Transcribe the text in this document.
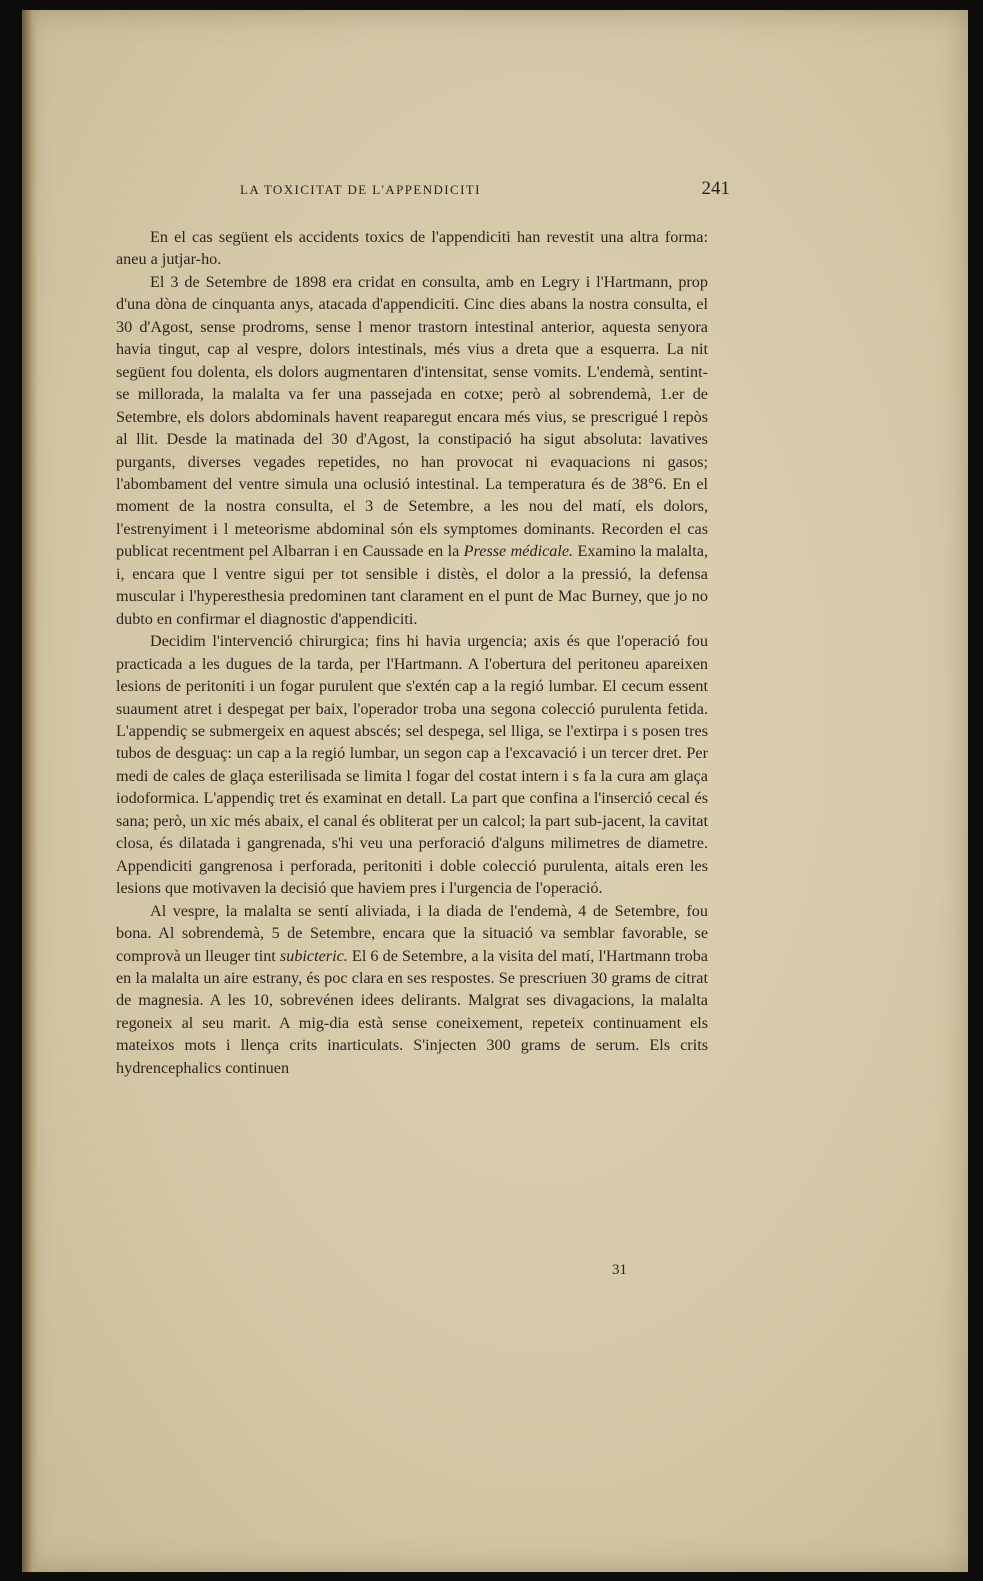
LA TOXICITAT DE L'APPENDICITI	241

En el cas següent els accidents toxics de l'appendiciti han revestit una altra forma: aneu a jutjar-ho.

El 3 de Setembre de 1898 era cridat en consulta, amb en Legry i l'Hartmann, prop d'una dòna de cinquanta anys, atacada d'appendiciti. Cinc dies abans la nostra consulta, el 30 d'Agost, sense prodroms, sense l menor trastorn intestinal anterior, aquesta senyora havia tingut, cap al vespre, dolors intestinals, més vius a dreta que a esquerra. La nit següent fou dolenta, els dolors augmentaren d'intensitat, sense vomits. L'endemà, sentint-se millorada, la malalta va fer una passejada en cotxe; però al sobrendemà, 1.er de Setembre, els dolors abdominals havent reaparegut encara més vius, se prescrigué l repòs al llit. Desde la matinada del 30 d'Agost, la constipació ha sigut absoluta: lavatives purgants, diverses vegades repetides, no han provocat ni evaquacions ni gasos; l'abombament del ventre simula una oclusió intestinal. La temperatura és de 38°6. En el moment de la nostra consulta, el 3 de Setembre, a les nou del matí, els dolors, l'estrenyiment i l meteorisme abdominal són els symptomes dominants. Recorden el cas publicat recentment pel Albarran i en Caussade en la Presse médicale. Examino la malalta, i, encara que l ventre sigui per tot sensible i distès, el dolor a la pressió, la defensa muscular i l'hyperesthesia predominen tant clarament en el punt de Mac Burney, que jo no dubto en confirmar el diagnostic d'appendiciti.

Decidim l'intervenció chirurgica; fins hi havia urgencia; axis és que l'operació fou practicada a les dugues de la tarda, per l'Hartmann. A l'obertura del peritoneu apareixen lesions de peritoniti i un fogar purulent que s'extén cap a la regió lumbar. El cecum essent suaument atret i despegat per baix, l'operador troba una segona colecció purulenta fetida. L'appendiç se submergeix en aquest abscés; sel despega, sel lliga, se l'extirpa i s posen tres tubos de desguaç: un cap a la regió lumbar, un segon cap a l'excavació i un tercer dret. Per medi de cales de glaça esterilisada se limita l fogar del costat intern i s fa la cura am glaça iodoformica. L'appendiç tret és examinat en detall. La part que confina a l'inserció cecal és sana; però, un xic més abaix, el canal és obliterat per un calcol; la part sub-jacent, la cavitat closa, és dilatada i gangrenada, s'hi veu una perforació d'alguns milimetres de diametre. Appendiciti gangrenosa i perforada, peritoniti i doble colecció purulenta, aitals eren les lesions que motivaven la decisió que haviem pres i l'urgencia de l'operació.

Al vespre, la malalta se sentí aliviada, i la diada de l'endemà, 4 de Setembre, fou bona. Al sobrendemà, 5 de Setembre, encara que la situació va semblar favorable, se comprovà un lleuger tint subicteric. El 6 de Setembre, a la visita del matí, l'Hartmann troba en la malalta un aire estrany, és poc clara en ses respostes. Se prescriuen 30 grams de citrat de magnesia. A les 10, sobrevénen idees delirants. Malgrat ses divagacions, la malalta regoneix al seu marit. A mig-dia està sense coneixement, repeteix continuament els mateixos mots i llença crits inarticulats. S'injecten 300 grams de serum. Els crits hydrencephalics continuen

31
